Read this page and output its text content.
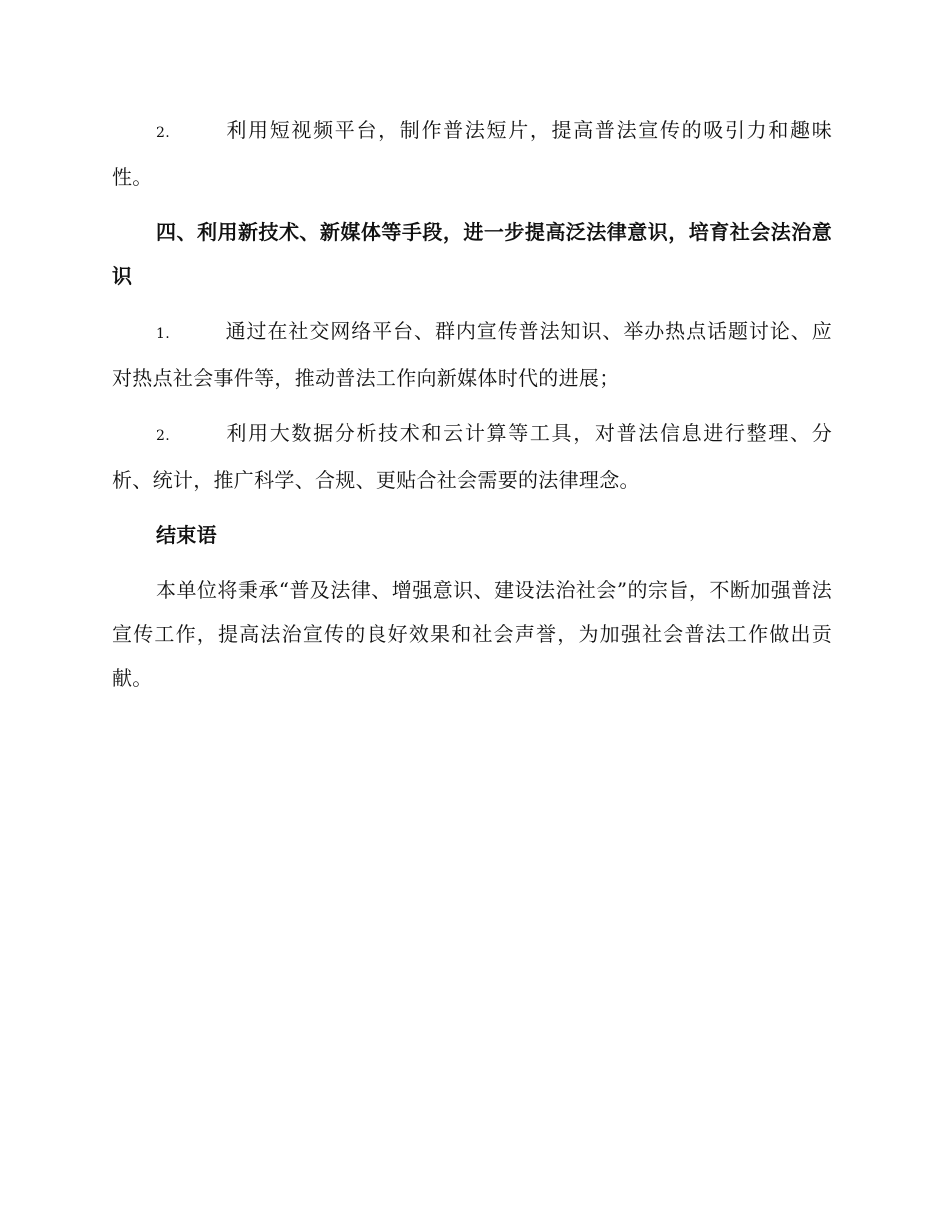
2.	利用短视频平台，制作普法短片，提高普法宣传的吸引力和趣味性。

四、利用新技术、新媒体等手段，进一步提高泛法律意识，培育社会法治意识

1.	通过在社交网络平台、群内宣传普法知识、举办热点话题讨论、应对热点社会事件等，推动普法工作向新媒体时代的进展；

2.	利用大数据分析技术和云计算等工具，对普法信息进行整理、分析、统计，推广科学、合规、更贴合社会需要的法律理念。

结束语

本单位将秉承“普及法律、增强意识、建设法治社会”的宗旨，不断加强普法宣传工作，提高法治宣传的良好效果和社会声誉，为加强社会普法工作做出贡献。
